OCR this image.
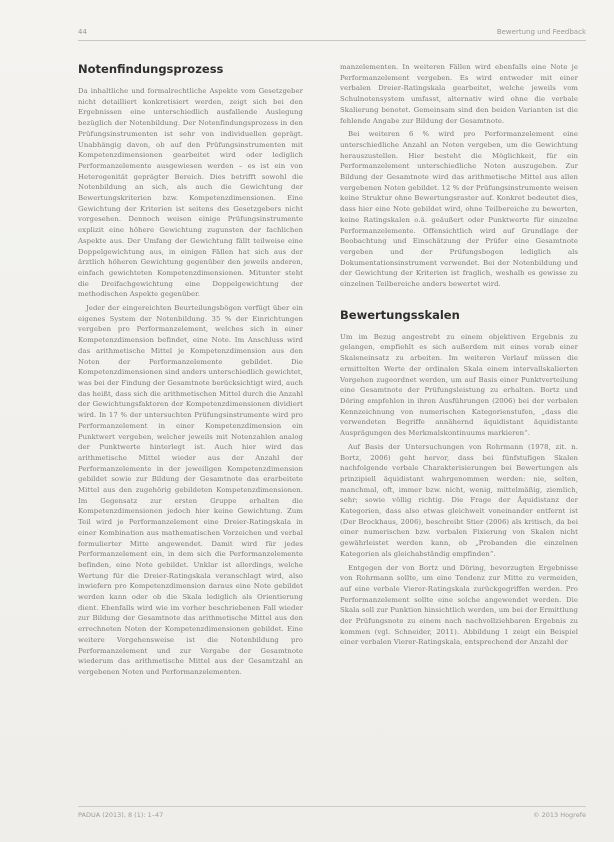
44	Bewertung und Feedback
Notenfindungsprozess

Da inhaltliche und formalrechtliche Aspekte vom Gesetzgeber nicht detailliert konkretisiert werden, zeigt sich bei den Ergebnissen eine unterschiedlich ausfallende Auslegung bezüglich der Notenbildung. Der Notenfindungsprozess in den Prüfungsinstrumenten ist sehr von individuellen geprägt. Unabhängig davon, ob auf den Prüfungsinstrumenten mit Kompetenzdimensionen gearbeitet wird oder lediglich Performanzelemente ausgewiesen werden – es ist ein von Heterogenität geprägter Bereich. Dies betrifft sowohl die Notenbildung an sich, als auch die Gewichtung der Bewertungskriterien bzw. Kompetenzdimensionen. Eine Gewichtung der Kriterien ist seitens des Gesetzgebers nicht vorgesehen. Dennoch weisen einige Prüfungsinstrumente explizit eine höhere Gewichtung zugunsten der fachlichen Aspekte aus. Der Umfang der Gewichtung fällt teilweise eine Doppelgewichtung aus, in einigen Fällen hat sich aus der ärztlich höheren Gewichtung gegenüber den jeweils anderen, einfach gewichteten Kompetenzdimensionen. Mitunter steht die Dreifachgewichtung eine Doppelgewichtung der methodischen Aspekte gegenüber.

Jeder der eingereichten Beurteilungsbögen verfügt über ein eigenes System der Notenbildung. 35 % der Einrichtungen vergeben pro Performanzelement, welches sich in einer Kompetenzdimension befindet, eine Note. Im Anschluss wird das arithmetische Mittel je Kompetenzdimension aus den Noten der Performanzelemente gebildet. Die Kompetenzdimensionen sind anders unterschiedlich gewichtet, was bei der Findung der Gesamtnote berücksichtigt wird, auch das heißt, dass sich die arithmetischen Mittel durch die Anzahl der Gewichtungsfaktoren der Kompetenzdimensionen dividiert wird. In 17 % der untersuchten Prüfungsinstrumente wird pro Performanzelement in einer Kompetenzdimension ein Punktwert vergeben, welcher jeweils mit Notenzahlen analog der Punktwerte hinterlegt ist. Auch hier wird das arithmetische Mittel wieder aus der Anzahl der Performanzelemente in der jeweiligen Kompetenzdimension gebildet sowie zur Bildung der Gesamtnote das erarbeitete Mittel aus den zugehörig gebildeten Kompetenzdimensionen. Im Gegensatz zur ersten Gruppe erhalten die Kompetenzdimensionen jedoch hier keine Gewichtung. Zum Teil wird je Performanzelement eine Dreier-Ratingskala in einer Kombination aus mathematischen Vorzeichen und verbal formulierter Mitte angewendet. Damit wird für jedes Performanzelement ein, in dem sich die Performanzelemente befinden, eine Note gebildet. Unklar ist allerdings, welche Wertung für die Dreier-Ratingskala veranschlagt wird, also inwiefern pro Kompetenzdimension daraus eine Note gebildet werden kann oder ob die Skala lediglich als Orientierung dient. Ebenfalls wird wie im vorher beschriebenen Fall wieder zur Bildung der Gesamtnote das arithmetische Mittel aus den errechneten Noten der Kompetenzdimensionen gebildet. Eine weitere Vorgehensweise ist die Notenbildung pro Performanzelement und zur Vergabe der Gesamtnote wiederum das arithmetische Mittel aus der Gesamtzahl an vergebenen Noten und Performanzelementen.

manzelementen. In weiteren Fällen wird ebenfalls eine Note je Performanzelement vergeben. Es wird entweder mit einer verbalen Dreier-Ratingskala gearbeitet, welche jeweils vom Schulnotensystem umfasst, alternativ wird ohne die verbale Skalierung benotet. Gemeinsam sind den beiden Varianten ist die fehlende Angabe zur Bildung der Gesamtnote.

Bei weiteren 6 % wird pro Performanzelement eine unterschiedliche Anzahl an Noten vergeben, um die Gewichtung herauszustellen. Hier besteht die Möglichkeit, für ein Performanzelement unterschiedliche Noten auszugeben. Zur Bildung der Gesamtnote wird das arithmetische Mittel aus allen vergebenen Noten gebildet. 12 % der Prüfungsinstrumente weisen keine Struktur ohne Bewertungsraster auf. Konkret bedeutet dies, dass hier eine Note gebildet wird, ohne Teilbereiche zu bewerten, keine Ratingskalen o.ä. geäußert oder Punktwerte für einzelne Performanzelemente. Offensichtlich wird auf Grundlage der Beobachtung und Einschätzung der Prüfer eine Gesamtnote vergeben und der Prüfungsbogen lediglich als Dokumentationsinstrument verwendet. Bei der Notenbildung und der Gewichtung der Kriterien ist fraglich, weshalb es gewisse zu einzelnen Teilbereiche anders bewertet wird.

Bewertungsskalen

Um im Bezug angestrebt zu einem objektiven Ergebnis zu gelangen, empfiehlt es sich außerdem mit eines vorab einer Skaleneinsatz zu arbeiten. Im weiteren Verlauf müssen die ermittelten Werte der ordinalen Skala einem intervallskalierten Vorgehen zugeordnet werden, um auf Basis einer Punktverteilung eine Gesamtnote der Prüfungsleistung zu erhalten. Bortz und Döring empfehlen in ihren Ausführungen (2006) bei der verbalen Kennzeichnung von numerischen Kategorienstufen, „dass die verwendeten Begriffe annähernd äquidistant äquidistante Ausprägungen des Merkmalskontinuums markieren“.

Auf Basis der Untersuchungen von Rohrmann (1978, zit. n. Bortz, 2006) geht hervor, dass bei fünfstufigen Skalen nachfolgende verbale Charakterisierungen bei Bewertungen als prinzipiell äquidistant wahrgenommen werden: nie, selten, manchmal, oft, immer bzw. nicht, wenig, mittelmäßig, ziemlich, sehr; sowie völlig richtig. Die Frage der Äquidistanz der Kategorien, dass also etwas gleichweit voneinander entfernt ist (Der Brockhaus, 2006), beschreibt Stier (2006) als kritisch, da bei einer numerischen bzw. verbalen Fixierung von Skalen nicht gewährleistet werden kann, ob „Probanden die einzelnen Kategorien als gleichabständig empfinden“.

Entgegen der von Bortz und Döring, bevorzugten Ergebnisse von Rohrmann sollte, um eine Tendenz zur Mitte zu vermeiden, auf eine verbale Vierer-Ratingskala zurückgegriffen werden. Pro Performanzelement sollte eine solche angewendet werden. Die Skala soll zur Punktion hinsichtlich werden, um bei der Ermittlung der Prüfungsnote zu einem nach nachvollziehbaren Ergebnis zu kommen (vgl. Schneider, 2011). Abbildung 1 zeigt ein Beispiel einer verbalen Vierer-Ratingskala, entsprechend der Anzahl der

PADUA (2013), 8 (1): 1–47	© 2013 Hogrefe
